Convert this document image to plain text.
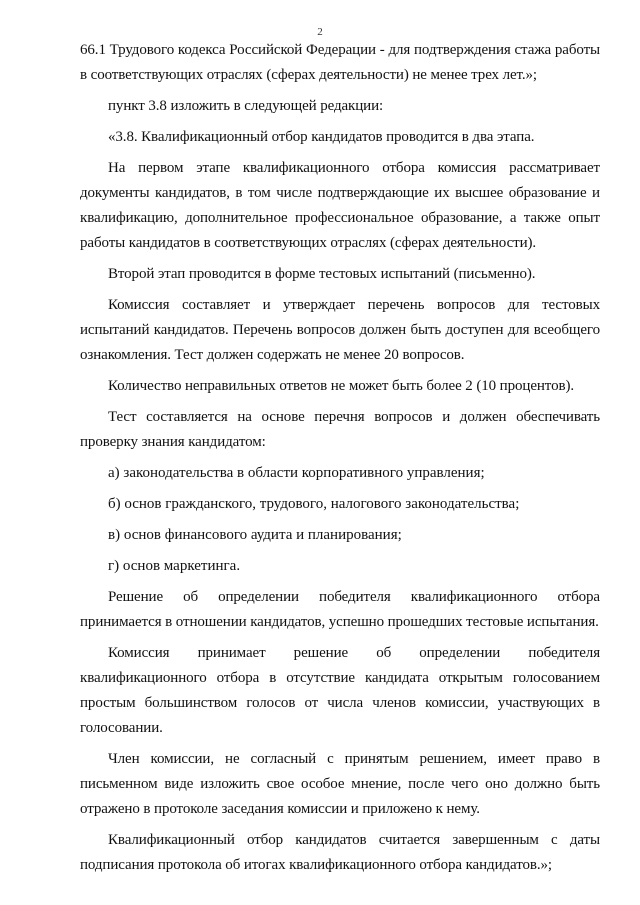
2

66.1 Трудового кодекса Российской Федерации - для подтверждения стажа работы в соответствующих отраслях (сферах деятельности) не менее трех лет.»;

пункт 3.8 изложить в следующей редакции:

«3.8. Квалификационный отбор кандидатов проводится в два этапа.

На первом этапе квалификационного отбора комиссия рассматривает документы кандидатов, в том числе подтверждающие их высшее образование и квалификацию, дополнительное профессиональное образование, а также опыт работы кандидатов в соответствующих отраслях (сферах деятельности).

Второй этап проводится в форме тестовых испытаний (письменно).

Комиссия составляет и утверждает перечень вопросов для тестовых испытаний кандидатов. Перечень вопросов должен быть доступен для всеобщего ознакомления. Тест должен содержать не менее 20 вопросов.

Количество неправильных ответов не может быть более 2 (10 процентов).

Тест составляется на основе перечня вопросов и должен обеспечивать проверку знания кандидатом:

а) законодательства в области корпоративного управления;

б) основ гражданского, трудового, налогового законодательства;

в) основ финансового аудита и планирования;

г) основ маркетинга.

Решение об определении победителя квалификационного отбора принимается в отношении кандидатов, успешно прошедших тестовые испытания.

Комиссия принимает решение об определении победителя квалификационного отбора в отсутствие кандидата открытым голосованием простым большинством голосов от числа членов комиссии, участвующих в голосовании.

Член комиссии, не согласный с принятым решением, имеет право в письменном виде изложить свое особое мнение, после чего оно должно быть отражено в протоколе заседания комиссии и приложено к нему.

Квалификационный отбор кандидатов считается завершенным с даты подписания протокола об итогах квалификационного отбора кандидатов.»;
